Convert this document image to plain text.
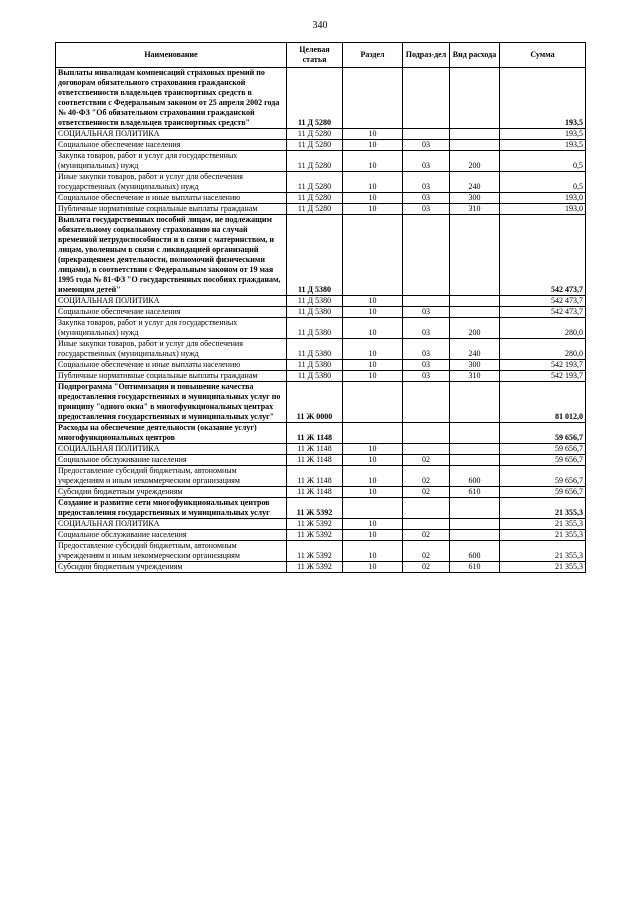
340
Наименование	Целевая статья	Раздел	Подраз-дел	Вид расхода	Сумма
Выплаты инвалидам компенсаций страховых премий по договорам обязательного страхования гражданской ответственности владельцев транспортных средств в соответствии с Федеральным законом от 25 апреля 2002 года № 40-ФЗ "Об обязательном страховании гражданской ответственности владельцев транспортных средств"	11 Д 5280				193,5
СОЦИАЛЬНАЯ ПОЛИТИКА	11 Д 5280	10			193,5
Социальное обеспечение населения	11 Д 5280	10	03		193,5
Закупка товаров, работ и услуг для государственных (муниципальных) нужд	11 Д 5280	10	03	200	0,5
Иные закупки товаров, работ и услуг для обеспечения государственных (муниципальных) нужд	11 Д 5280	10	03	240	0,5
Социальное обеспечение и иные выплаты населению	11 Д 5280	10	03	300	193,0
Публичные нормативные социальные выплаты гражданам	11 Д 5280	10	03	310	193,0
Выплата государственных пособий лицам, не подлежащим обязательному социальному страхованию на случай временной нетрудоспособности и в связи с материнством, и лицам, уволенным в связи с ликвидацией организаций (прекращением деятельности, полномочий физическими лицами), в соответствии с Федеральным законом от 19 мая 1995 года № 81-ФЗ "О государственных пособиях гражданам, имеющим детей"	11 Д 5380				542 473,7
СОЦИАЛЬНАЯ ПОЛИТИКА	11 Д 5380	10			542 473,7
Социальное обеспечение населения	11 Д 5380	10	03		542 473,7
Закупка товаров, работ и услуг для государственных (муниципальных) нужд	11 Д 5380	10	03	200	280,0
Иные закупки товаров, работ и услуг для обеспечения государственных (муниципальных) нужд	11 Д 5380	10	03	240	280,0
Социальное обеспечение и иные выплаты населению	11 Д 5380	10	03	300	542 193,7
Публичные нормативные социальные выплаты гражданам	11 Д 5380	10	03	310	542 193,7
Подпрограмма "Оптимизация и повышение качества предоставления государственных и муниципальных услуг по принципу "одного окна" в многофункциональных центрах предоставления государственных и муниципальных услуг"	11 Ж 0000				81 012,0
Расходы на обеспечение деятельности (оказание услуг) многофункциональных центров	11 Ж 1148				59 656,7
СОЦИАЛЬНАЯ ПОЛИТИКА	11 Ж 1148	10			59 656,7
Социальное обслуживание населения	11 Ж 1148	10	02		59 656,7
Предоставление субсидий бюджетным, автономным учреждениям и иным некоммерческим организациям	11 Ж 1148	10	02	600	59 656,7
Субсидии бюджетным учреждениям	11 Ж 1148	10	02	610	59 656,7
Создание и развитие сети многофункциональных центров предоставления государственных и муниципальных услуг	11 Ж 5392				21 355,3
СОЦИАЛЬНАЯ ПОЛИТИКА	11 Ж 5392	10			21 355,3
Социальное обслуживание населения	11 Ж 5392	10	02		21 355,3
Предоставление субсидий бюджетным, автономным учреждениям и иным некоммерческим организациям	11 Ж 5392	10	02	600	21 355,3
Субсидии бюджетным учреждениям	11 Ж 5392	10	02	610	21 355,3
